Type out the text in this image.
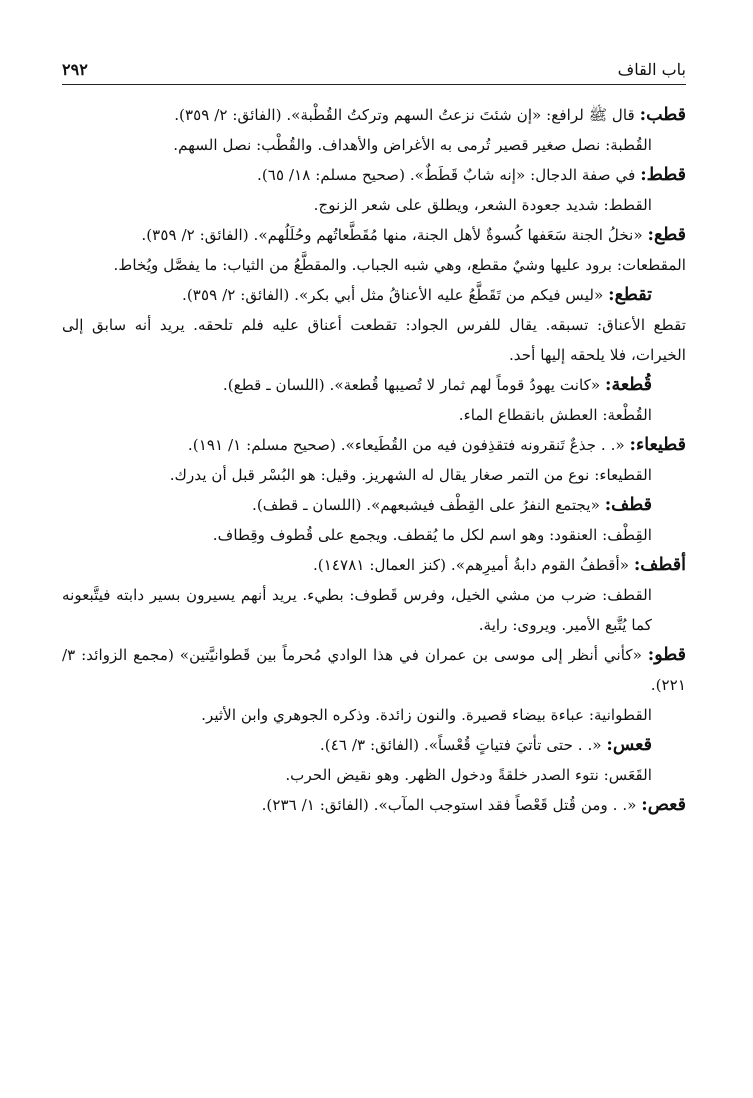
باب القاف
٢٩٢
قطب: قال ﷺ لرافع: «إن شئتَ نزعتُ السهم وتركتُ القُطْبة». (الفائق: ٢/ ٣٥٩).
القُطبة: نصل صغير قصير تُرمى به الأغراض والأهداف. والقُطْب: نصل السهم.
قطط: في صفة الدجال: «إنه شابٌ قَطَطٌ». (صحيح مسلم: ١٨/ ٦٥).
القطط: شديد جعودة الشعر، ويطلق على شعر الزنوج.
قطع: «نخلُ الجنة سَعَفها كُسوةٌ لأهل الجنة، منها مُقَطَّعاتُهم وحُلَلُهم». (الفائق: ٢/ ٣٥٩).
المقطعات: برود عليها وشيٌ مقطع، وهي شبه الجباب. والمقطَّعُ من الثياب: ما يفصَّل ويُخاط.
تقطع: «ليس فيكم من تَقَطَّعُ عليه الأعناقُ مثل أبي بكر». (الفائق: ٢/ ٣٥٩).
تقطع الأعناق: تسبقه. يقال للفرس الجواد: تقطعت أعناق عليه فلم تلحقه. يريد أنه سابق إلى الخيرات، فلا يلحقه إليها أحد.
قُطعة: «كانت يهودُ قوماً لهم ثمار لا تُصيبها قُطعة». (اللسان ـ قطع).
القُطْعة: العطش بانقطاع الماء.
قطيعاء: «. . جذعٌ تَنقرونه فتقذِفون فيه من القُطَيعاء». (صحيح مسلم: ١/ ١٩١).
القطيعاء: نوع من التمر صغار يقال له الشهريز. وقيل: هو البُسْر قبل أن يدرك.
قطف: «يجتمع النفرُ على القِطْف فيشبعهم». (اللسان ـ قطف).
القِطْف: العنقود: وهو اسم لكل ما يُقطف. ويجمع على قُطوف وقِطاف.
أقطف: «أقطفُ القوم دابةُ أميرِهم». (كنز العمال: ١٤٧٨١).
القطف: ضرب من مشي الخيل، وفرس قَطوف: بطيء. يريد أنهم يسيرون بسير دابته فيتَّبعونه كما يُتَّبع الأمير. ويروى: راية.
قطو: «كأني أنظر إلى موسى بن عمران في هذا الوادي مُحرماً بين قَطوانيَّتين» (مجمع الزوائد: ٣/ ٢٢١).
القطوانية: عباءة بيضاء قصيرة. والنون زائدة. وذكره الجوهري وابن الأثير.
قعس: «. . حتى تأتيَ فتياتٍ قُعْساً». (الفائق: ٣/ ٤٦).
القَعَس: نتوء الصدر خلقةً ودخول الظهر. وهو نقيض الحرب.
قعص: «. . ومن قُتل قَعْصاً فقد استوجب المآب». (الفائق: ١/ ٢٣٦).
